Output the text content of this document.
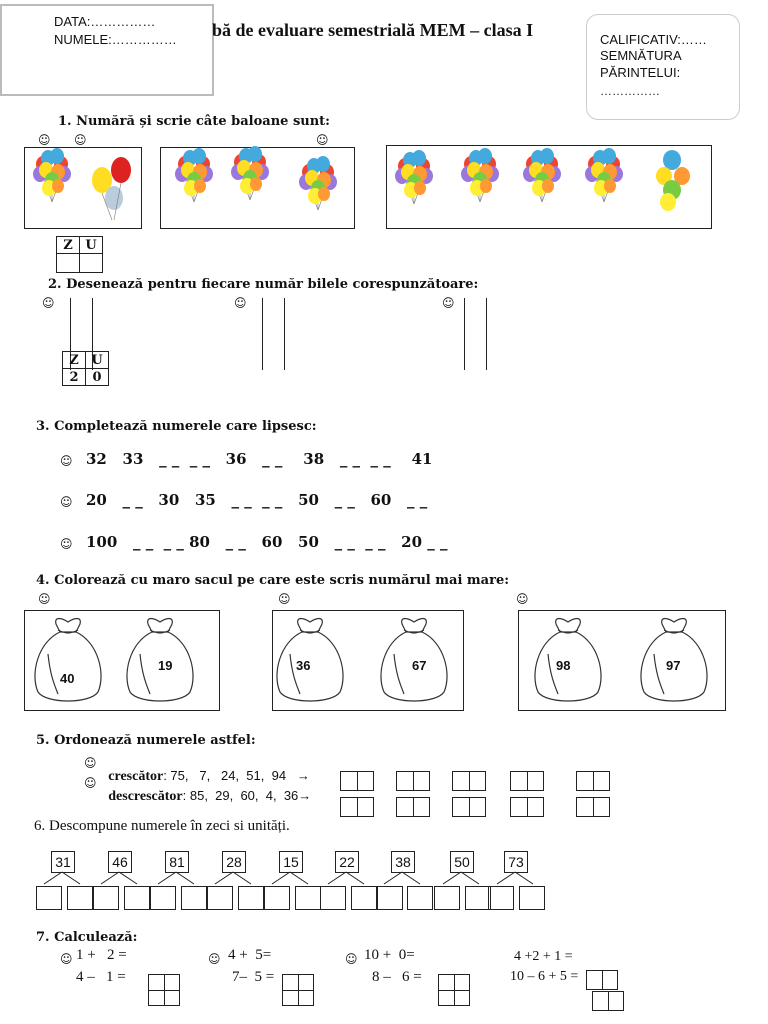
DATA:……………
NUMELE:…………… bă de evaluare semestrială MEM – clasa I	CALIFICATIV:……
SEMNĂTURA
PĂRINTELUI:
……………
1. Numără și scrie câte baloane sunt:
☺ ☺	☺
Z	U

2. Desenează pentru fiecare număr bilele corespunzătoare:
☺	☺	☺
Z	U
2	0
3. Completează numerele care lipsesc:
☺
☺
☺
32   33   _ _  _ _   36   _ _    38   _ _  _ _    41
20   _ _   30   35   _ _  _ _   50   _ _   60   _ _
100   _ _  _ _ 80   _ _   60   50   _ _  _ _   20 _ _
4. Colorează cu maro sacul pe care este scris numărul mai mare:
☺	☺	☺
40
19	36	67	98	97
5. Ordonează numerele astfel:
☺
☺ crescător: 75,   7,   24,  51,  94   →

descrescător: 85,  29,  60,  4,  36→

6. Descompune numerele în zeci si unități.
31	46	81	28	15	22	38	50	73
7. Calculează:
☺	☺	☺
1 +   2 =	4 +  5=	10 +  0=	4 +2 + 1 =
4 –   1 =	7–  5 =	8 –   6 =	10 – 6 + 5 =
